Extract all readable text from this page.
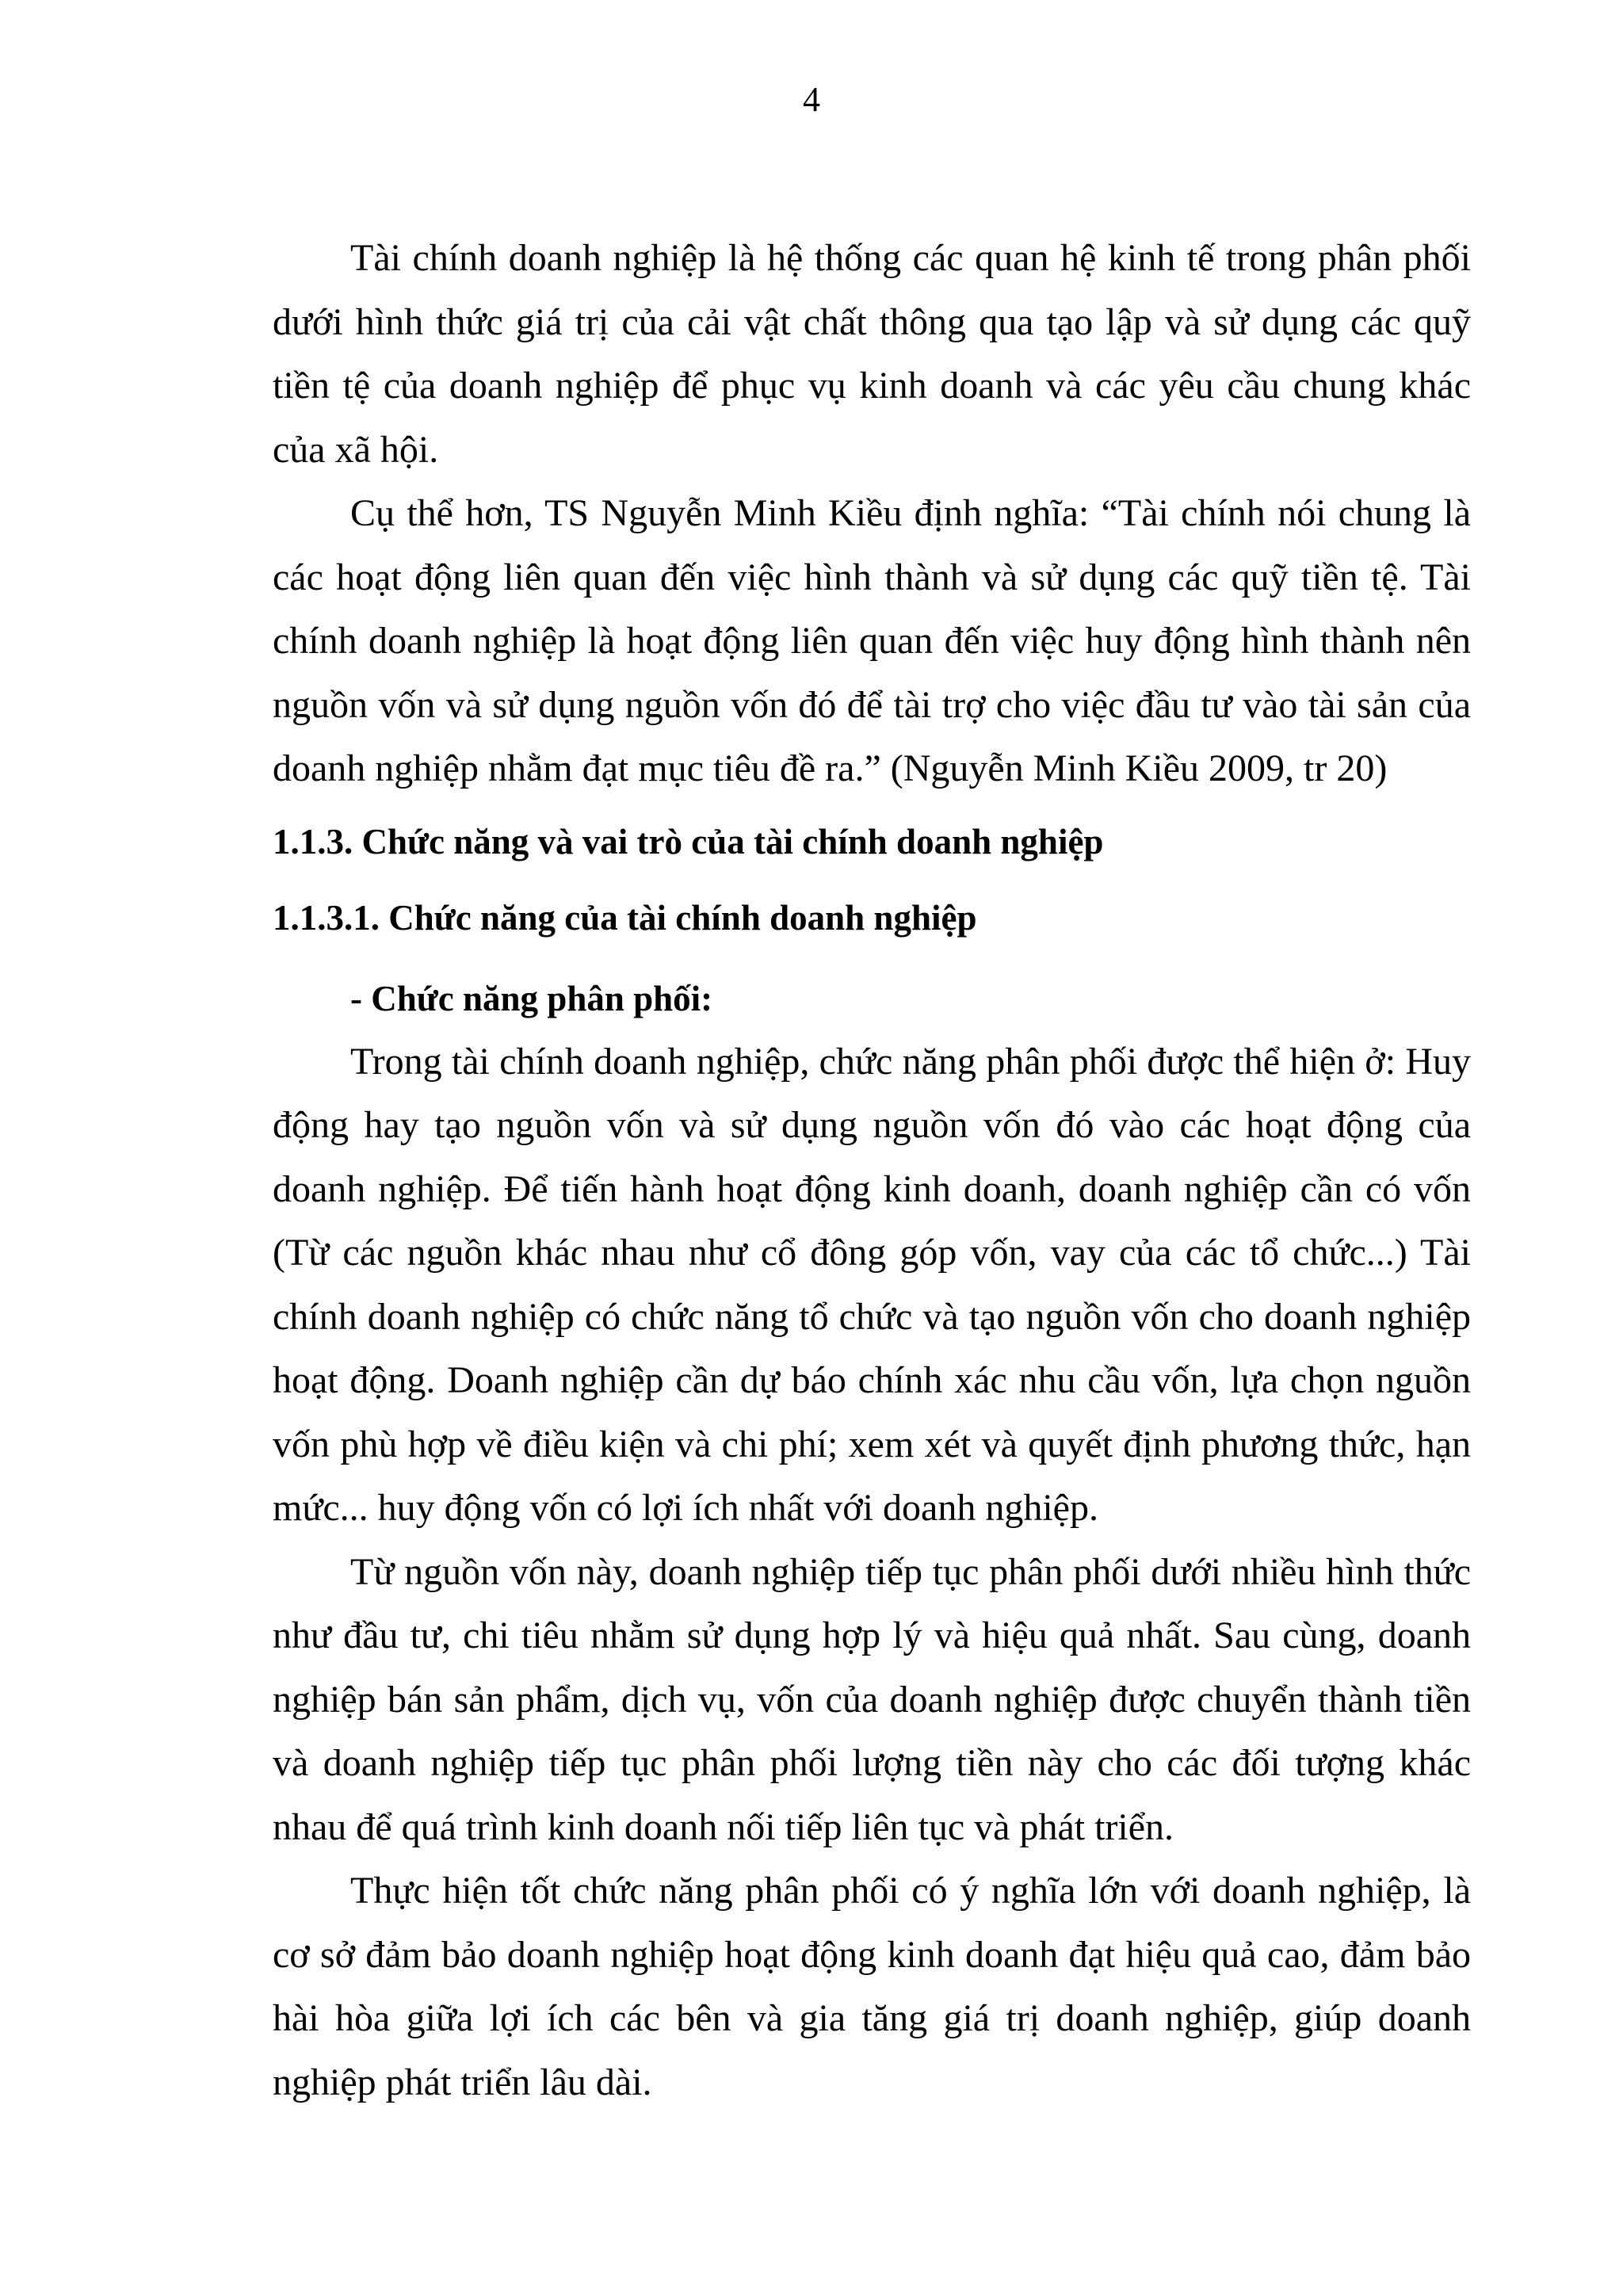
4

Tài chính doanh nghiệp là hệ thống các quan hệ kinh tế trong phân phối dưới hình thức giá trị của cải vật chất thông qua tạo lập và sử dụng các quỹ tiền tệ của doanh nghiệp để phục vụ kinh doanh và các yêu cầu chung khác của xã hội.

Cụ thể hơn, TS Nguyễn Minh Kiều định nghĩa: “Tài chính nói chung là các hoạt động liên quan đến việc hình thành và sử dụng các quỹ tiền tệ. Tài chính doanh nghiệp là hoạt động liên quan đến việc huy động hình thành nên nguồn vốn và sử dụng nguồn vốn đó để tài trợ cho việc đầu tư vào tài sản của doanh nghiệp nhằm đạt mục tiêu đề ra.” (Nguyễn Minh Kiều 2009, tr 20)

1.1.3. Chức năng và vai trò của tài chính doanh nghiệp
1.1.3.1. Chức năng của tài chính doanh nghiệp
- Chức năng phân phối:

Trong tài chính doanh nghiệp, chức năng phân phối được thể hiện ở: Huy động hay tạo nguồn vốn và sử dụng nguồn vốn đó vào các hoạt động của doanh nghiệp. Để tiến hành hoạt động kinh doanh, doanh nghiệp cần có vốn (Từ các nguồn khác nhau như cổ đông góp vốn, vay của các tổ chức...) Tài chính doanh nghiệp có chức năng tổ chức và tạo nguồn vốn cho doanh nghiệp hoạt động. Doanh nghiệp cần dự báo chính xác nhu cầu vốn, lựa chọn nguồn vốn phù hợp về điều kiện và chi phí; xem xét và quyết định phương thức, hạn mức... huy động vốn có lợi ích nhất với doanh nghiệp.

Từ nguồn vốn này, doanh nghiệp tiếp tục phân phối dưới nhiều hình thức như đầu tư, chi tiêu nhằm sử dụng hợp lý và hiệu quả nhất. Sau cùng, doanh nghiệp bán sản phẩm, dịch vụ, vốn của doanh nghiệp được chuyển thành tiền và doanh nghiệp tiếp tục phân phối lượng tiền này cho các đối tượng khác nhau để quá trình kinh doanh nối tiếp liên tục và phát triển.

Thực hiện tốt chức năng phân phối có ý nghĩa lớn với doanh nghiệp, là cơ sở đảm bảo doanh nghiệp hoạt động kinh doanh đạt hiệu quả cao, đảm bảo hài hòa giữa lợi ích các bên và gia tăng giá trị doanh nghiệp, giúp doanh nghiệp phát triển lâu dài.
